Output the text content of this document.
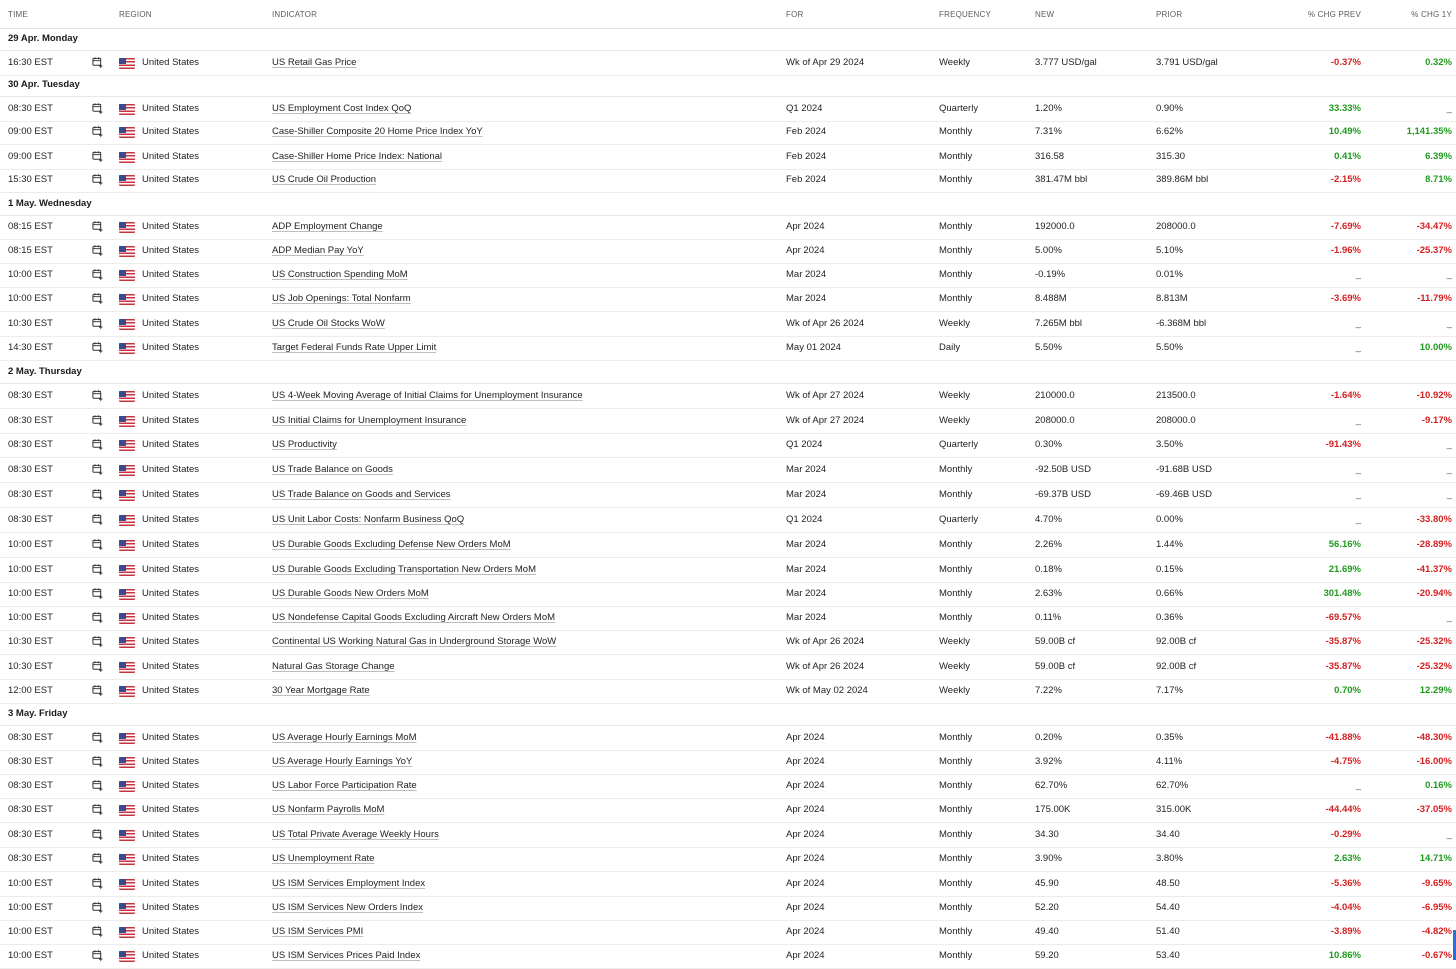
TIME	REGION	INDICATOR	FOR	FREQUENCY	NEW	PRIOR	% CHG PREV	% CHG 1Y
29 Apr. Monday
16:30 EST	United States	US Retail Gas Price	Wk of Apr 29 2024	Weekly	3.777 USD/gal	3.791 USD/gal	-0.37%	0.32%
30 Apr. Tuesday
08:30 EST	United States	US Employment Cost Index QoQ	Q1 2024	Quarterly	1.20%	0.90%	33.33%	_
09:00 EST	United States	Case-Shiller Composite 20 Home Price Index YoY	Feb 2024	Monthly	7.31%	6.62%	10.49%	1,141.35%
09:00 EST	United States	Case-Shiller Home Price Index: National	Feb 2024	Monthly	316.58	315.30	0.41%	6.39%
15:30 EST	United States	US Crude Oil Production	Feb 2024	Monthly	381.47M bbl	389.86M bbl	-2.15%	8.71%
1 May. Wednesday
08:15 EST	United States	ADP Employment Change	Apr 2024	Monthly	192000.0	208000.0	-7.69%	-34.47%
08:15 EST	United States	ADP Median Pay YoY	Apr 2024	Monthly	5.00%	5.10%	-1.96%	-25.37%
10:00 EST	United States	US Construction Spending MoM	Mar 2024	Monthly	-0.19%	0.01%	_	_
10:00 EST	United States	US Job Openings: Total Nonfarm	Mar 2024	Monthly	8.488M	8.813M	-3.69%	-11.79%
10:30 EST	United States	US Crude Oil Stocks WoW	Wk of Apr 26 2024	Weekly	7.265M bbl	-6.368M bbl	_	_
14:30 EST	United States	Target Federal Funds Rate Upper Limit	May 01 2024	Daily	5.50%	5.50%	_	10.00%
2 May. Thursday
08:30 EST	United States	US 4-Week Moving Average of Initial Claims for Unemployment Insurance	Wk of Apr 27 2024	Weekly	210000.0	213500.0	-1.64%	-10.92%
08:30 EST	United States	US Initial Claims for Unemployment Insurance	Wk of Apr 27 2024	Weekly	208000.0	208000.0	_	-9.17%
08:30 EST	United States	US Productivity	Q1 2024	Quarterly	0.30%	3.50%	-91.43%	_
08:30 EST	United States	US Trade Balance on Goods	Mar 2024	Monthly	-92.50B USD	-91.68B USD	_	_
08:30 EST	United States	US Trade Balance on Goods and Services	Mar 2024	Monthly	-69.37B USD	-69.46B USD	_	_
08:30 EST	United States	US Unit Labor Costs: Nonfarm Business QoQ	Q1 2024	Quarterly	4.70%	0.00%	_	-33.80%
10:00 EST	United States	US Durable Goods Excluding Defense New Orders MoM	Mar 2024	Monthly	2.26%	1.44%	56.16%	-28.89%
10:00 EST	United States	US Durable Goods Excluding Transportation New Orders MoM	Mar 2024	Monthly	0.18%	0.15%	21.69%	-41.37%
10:00 EST	United States	US Durable Goods New Orders MoM	Mar 2024	Monthly	2.63%	0.66%	301.48%	-20.94%
10:00 EST	United States	US Nondefense Capital Goods Excluding Aircraft New Orders MoM	Mar 2024	Monthly	0.11%	0.36%	-69.57%	_
10:30 EST	United States	Continental US Working Natural Gas in Underground Storage WoW	Wk of Apr 26 2024	Weekly	59.00B cf	92.00B cf	-35.87%	-25.32%
10:30 EST	United States	Natural Gas Storage Change	Wk of Apr 26 2024	Weekly	59.00B cf	92.00B cf	-35.87%	-25.32%
12:00 EST	United States	30 Year Mortgage Rate	Wk of May 02 2024	Weekly	7.22%	7.17%	0.70%	12.29%
3 May. Friday
08:30 EST	United States	US Average Hourly Earnings MoM	Apr 2024	Monthly	0.20%	0.35%	-41.88%	-48.30%
08:30 EST	United States	US Average Hourly Earnings YoY	Apr 2024	Monthly	3.92%	4.11%	-4.75%	-16.00%
08:30 EST	United States	US Labor Force Participation Rate	Apr 2024	Monthly	62.70%	62.70%	_	0.16%
08:30 EST	United States	US Nonfarm Payrolls MoM	Apr 2024	Monthly	175.00K	315.00K	-44.44%	-37.05%
08:30 EST	United States	US Total Private Average Weekly Hours	Apr 2024	Monthly	34.30	34.40	-0.29%	_
08:30 EST	United States	US Unemployment Rate	Apr 2024	Monthly	3.90%	3.80%	2.63%	14.71%
10:00 EST	United States	US ISM Services Employment Index	Apr 2024	Monthly	45.90	48.50	-5.36%	-9.65%
10:00 EST	United States	US ISM Services New Orders Index	Apr 2024	Monthly	52.20	54.40	-4.04%	-6.95%
10:00 EST	United States	US ISM Services PMI	Apr 2024	Monthly	49.40	51.40	-3.89%	-4.82%
10:00 EST	United States	US ISM Services Prices Paid Index	Apr 2024	Monthly	59.20	53.40	10.86%	-0.67%
